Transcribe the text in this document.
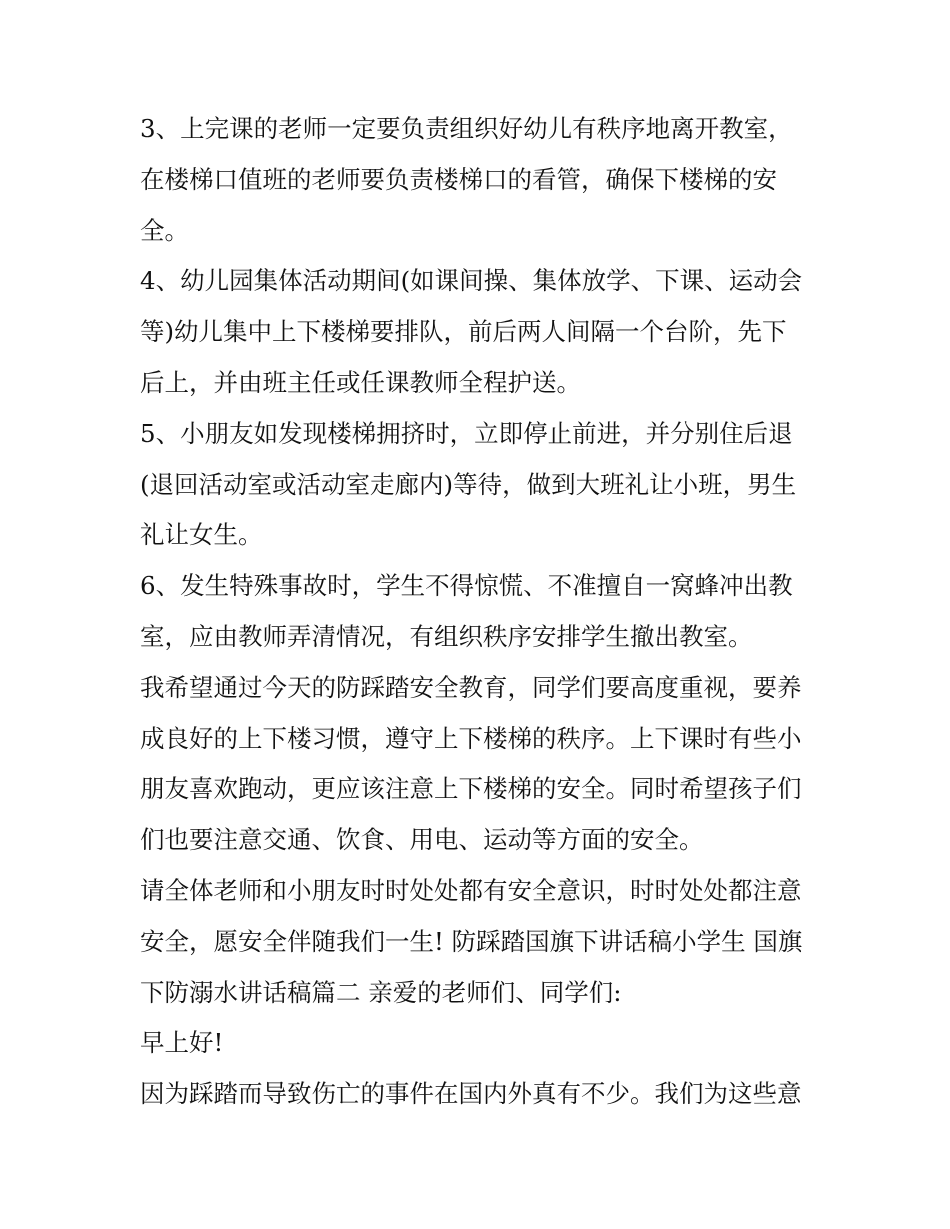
3、上完课的老师一定要负责组织好幼儿有秩序地离开教室，
在楼梯口值班的老师要负责楼梯口的看管，确保下楼梯的安
全。
4、幼儿园集体活动期间(如课间操、集体放学、下课、运动会
等)幼儿集中上下楼梯要排队，前后两人间隔一个台阶，先下
后上，并由班主任或任课教师全程护送。
5、小朋友如发现楼梯拥挤时，立即停止前进，并分别住后退
(退回活动室或活动室走廊内)等待，做到大班礼让小班，男生
礼让女生。
6、发生特殊事故时，学生不得惊慌、不准擅自一窝蜂冲出教
室，应由教师弄清情况，有组织秩序安排学生撤出教室。
我希望通过今天的防踩踏安全教育，同学们要高度重视，要养
成良好的上下楼习惯，遵守上下楼梯的秩序。上下课时有些小
朋友喜欢跑动，更应该注意上下楼梯的安全。同时希望孩子们
们也要注意交通、饮食、用电、运动等方面的安全。
请全体老师和小朋友时时处处都有安全意识，时时处处都注意
安全，愿安全伴随我们一生! 防踩踏国旗下讲话稿小学生 国旗
下防溺水讲话稿篇二 亲爱的老师们、同学们:
早上好!
因为踩踏而导致伤亡的事件在国内外真有不少。我们为这些意
